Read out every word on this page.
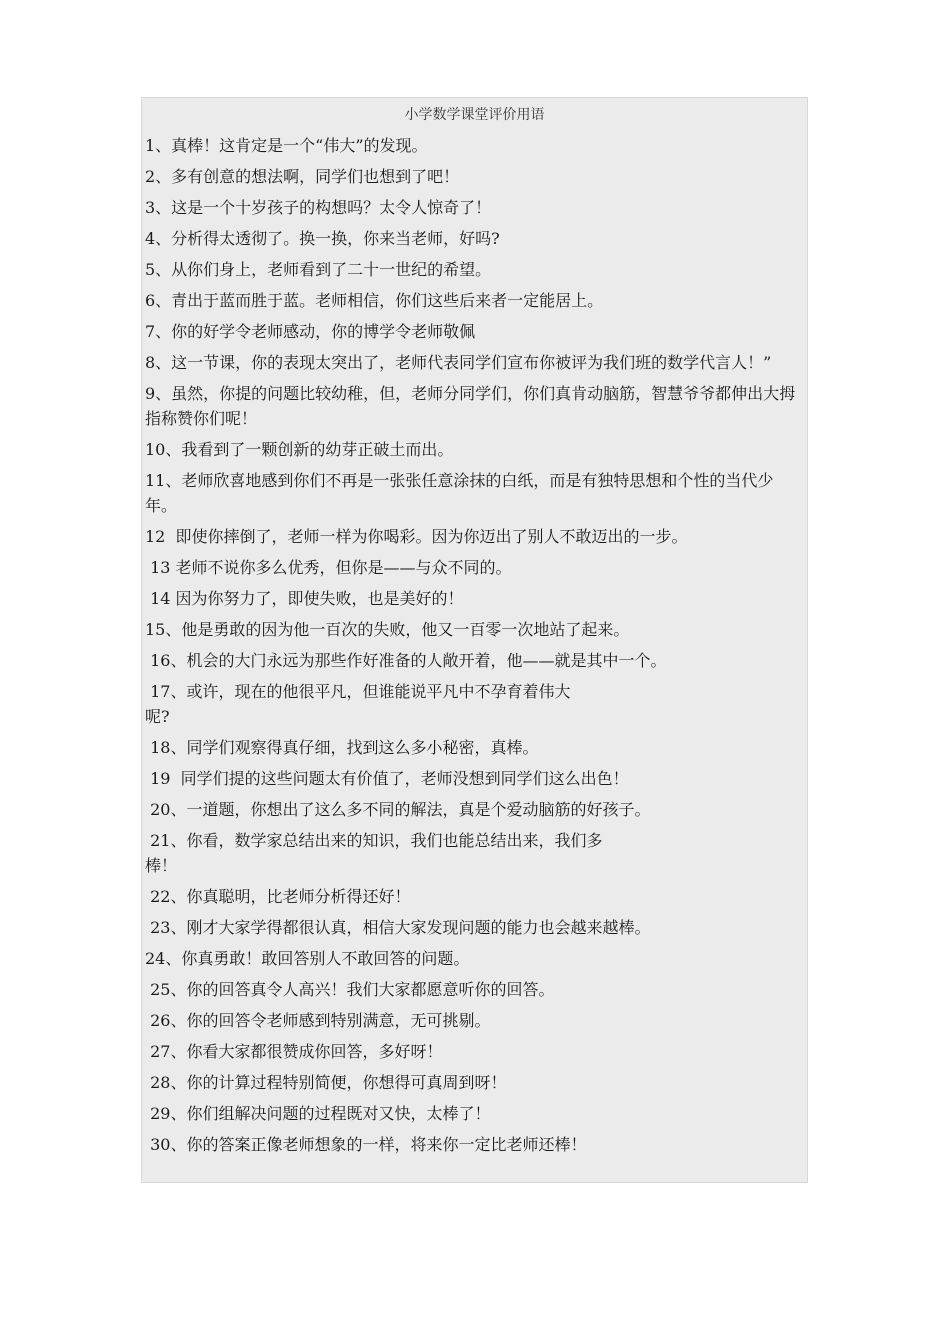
小学数学课堂评价用语
1、真棒！这肯定是一个“伟大”的发现。
2、多有创意的想法啊，同学们也想到了吧！
3、这是一个十岁孩子的构想吗？太令人惊奇了！
4、分析得太透彻了。换一换，你来当老师，好吗?
5、从你们身上，老师看到了二十一世纪的希望。
6、青出于蓝而胜于蓝。老师相信，你们这些后来者一定能居上。
7、你的好学令老师感动，你的博学令老师敬佩
8、这一节课，你的表现太突出了，老师代表同学们宣布你被评为我们班的数学代言人！”
9、虽然，你提的问题比较幼稚，但，老师分同学们，你们真肯动脑筋，智慧爷爷都伸出大拇指称赞你们呢！
10、我看到了一颗创新的幼芽正破土而出。
11、老师欣喜地感到你们不再是一张张任意涂抹的白纸，而是有独特思想和个性的当代少年。
12  即使你摔倒了，老师一样为你喝彩。因为你迈出了别人不敢迈出的一步。
13 老师不说你多么优秀，但你是——与众不同的。
14 因为你努力了，即使失败，也是美好的！
15、他是勇敢的因为他一百次的失败，他又一百零一次地站了起来。
16、机会的大门永远为那些作好准备的人敞开着，他——就是其中一个。
17、或许，现在的他很平凡，但谁能说平凡中不孕育着伟大
呢?
18、同学们观察得真仔细，找到这么多小秘密，真棒。
19  同学们提的这些问题太有价值了，老师没想到同学们这么出色！
20、一道题，你想出了这么多不同的解法，真是个爱动脑筋的好孩子。
21、你看，数学家总结出来的知识，我们也能总结出来，我们多
棒！
22、你真聪明，比老师分析得还好！
23、刚才大家学得都很认真，相信大家发现问题的能力也会越来越棒。
24、你真勇敢！敢回答别人不敢回答的问题。
25、你的回答真令人高兴！我们大家都愿意听你的回答。
26、你的回答令老师感到特别满意，无可挑剔。
27、你看大家都很赞成你回答，多好呀！
28、你的计算过程特别简便，你想得可真周到呀！
29、你们组解决问题的过程既对又快，太棒了！
30、你的答案正像老师想象的一样，将来你一定比老师还棒！
